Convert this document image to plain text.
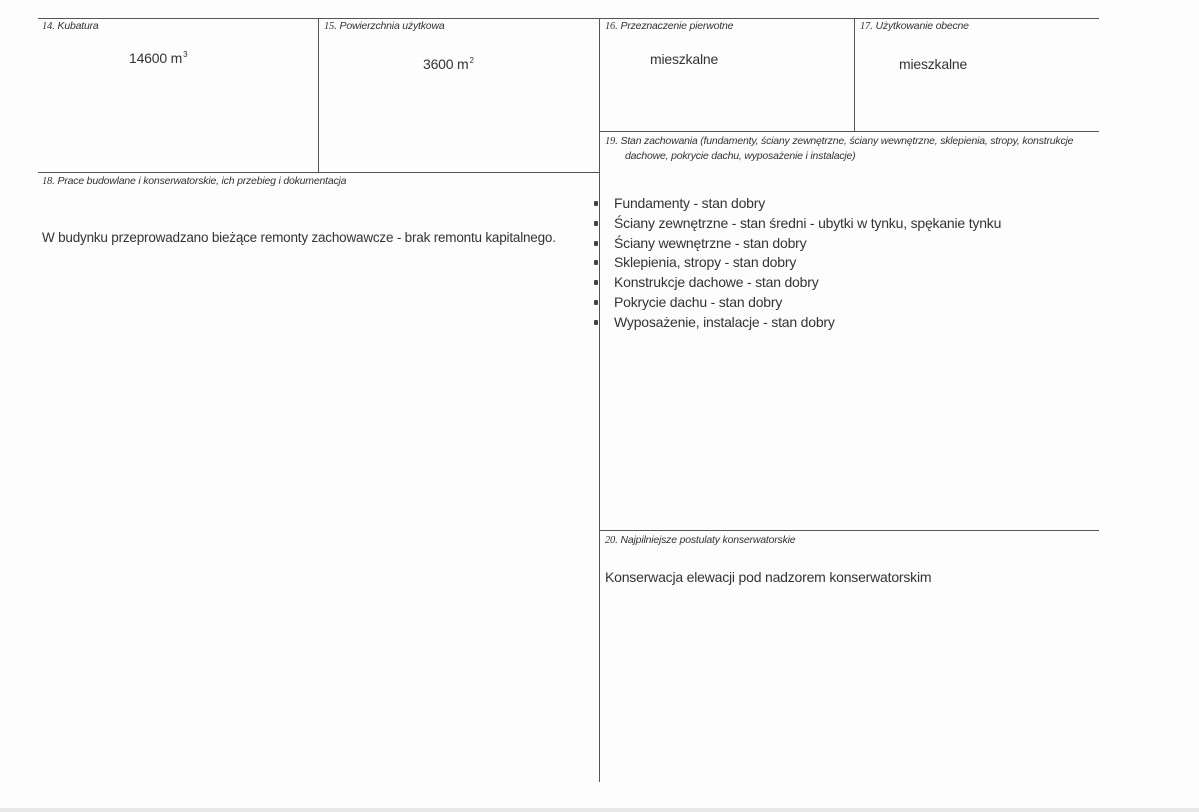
14. Kubatura
14600 $m^3$
15. Powierzchnia użytkowa
3600 $m^2$
16. Przeznaczenie pierwotne
mieszkalne
17. Użytkowanie obecne
mieszkalne
19. Stan zachowania (fundamenty, ściany zewnętrzne, ściany wewnętrzne, sklepienia, stropy, konstrukcje
dachowe, pokrycie dachu, wyposażenie i instalacje)
Fundamenty - stan dobry
Ściany zewnętrzne - stan średni - ubytki w tynku, spękanie tynku
Ściany wewnętrzne - stan dobry
Sklepienia, stropy - stan dobry
Konstrukcje dachowe - stan dobry
Pokrycie dachu - stan dobry
Wyposażenie, instalacje - stan dobry
18. Prace budowlane i konserwatorskie, ich przebieg i dokumentacja
W budynku przeprowadzano bieżące remonty zachowawcze - brak remontu kapitalnego.
20. Najpilniejsze postulaty konserwatorskie
Konserwacja elewacji pod nadzorem konserwatorskim
